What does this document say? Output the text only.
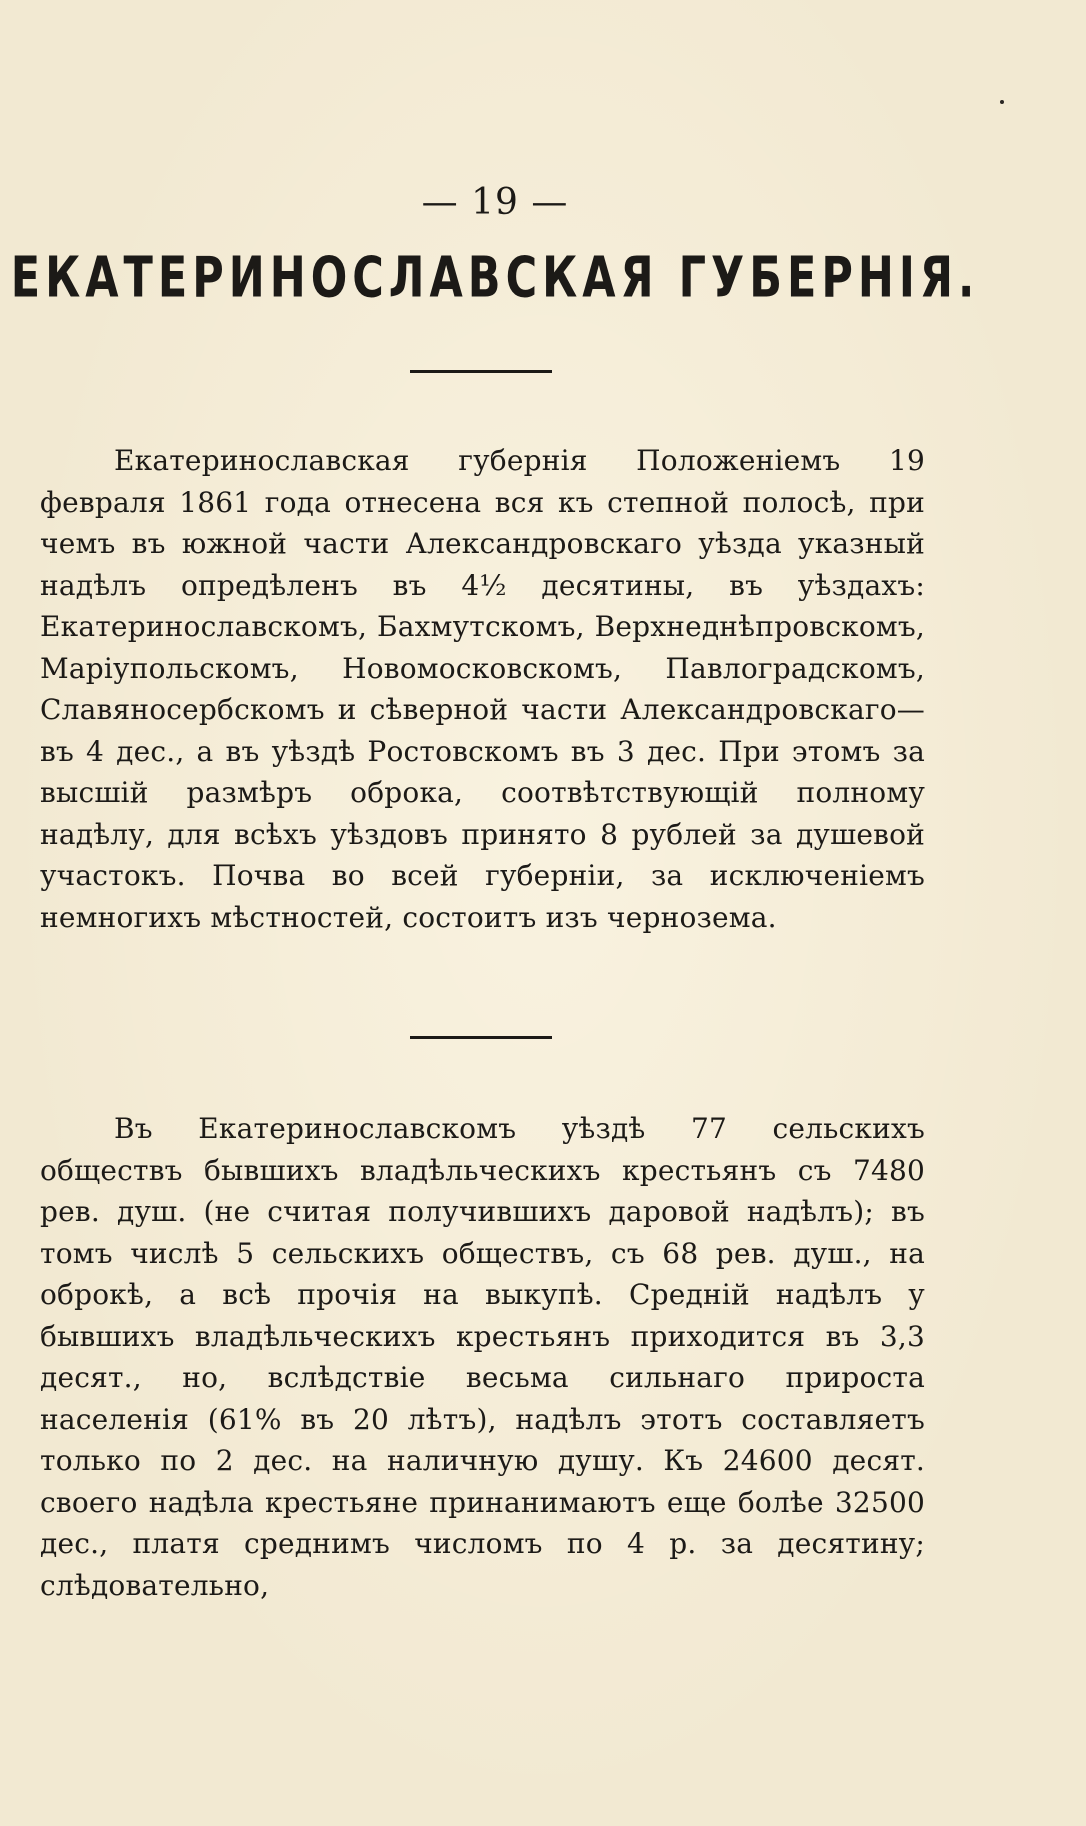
— 19 —
ЕКАТЕРИНОСЛАВСКАЯ ГУБЕРНІЯ.

Екатеринославская губернія Положеніемъ 19 февраля 1861 года отнесена вся къ степной полосѣ, при чемъ въ южной части Александровскаго уѣзда указный надѣлъ опредѣленъ въ 4½ десятины, въ уѣздахъ: Екатеринославскомъ, Бахмутскомъ, Верхнеднѣпровскомъ, Маріупольскомъ, Новомосковскомъ, Павлоградскомъ, Славяносербскомъ и сѣверной части Александровскаго—въ 4 дес., а въ уѣздѣ Ростовскомъ въ 3 дес. При этомъ за высшій размѣръ оброка, соотвѣтствующій полному надѣлу, для всѣхъ уѣздовъ принято 8 рублей за душевой участокъ. Почва во всей губерніи, за исключеніемъ немногихъ мѣстностей, состоитъ изъ чернозема.

Въ Екатеринославскомъ уѣздѣ 77 сельскихъ обществъ бывшихъ владѣльческихъ крестьянъ съ 7480 рев. душ. (не считая получившихъ даровой надѣлъ); въ томъ числѣ 5 сельскихъ обществъ, съ 68 рев. душ., на оброкѣ, а всѣ прочія на выкупѣ. Средній надѣлъ у бывшихъ владѣльческихъ крестьянъ приходится въ 3,3 десят., но, вслѣдствіе весьма сильнаго прироста населенія (61% въ 20 лѣтъ), надѣлъ этотъ составляетъ только по 2 дес. на наличную душу. Къ 24600 десят. своего надѣла крестьяне принанимаютъ еще болѣе 32500 дес., платя среднимъ числомъ по 4 р. за десятину; слѣдовательно,
